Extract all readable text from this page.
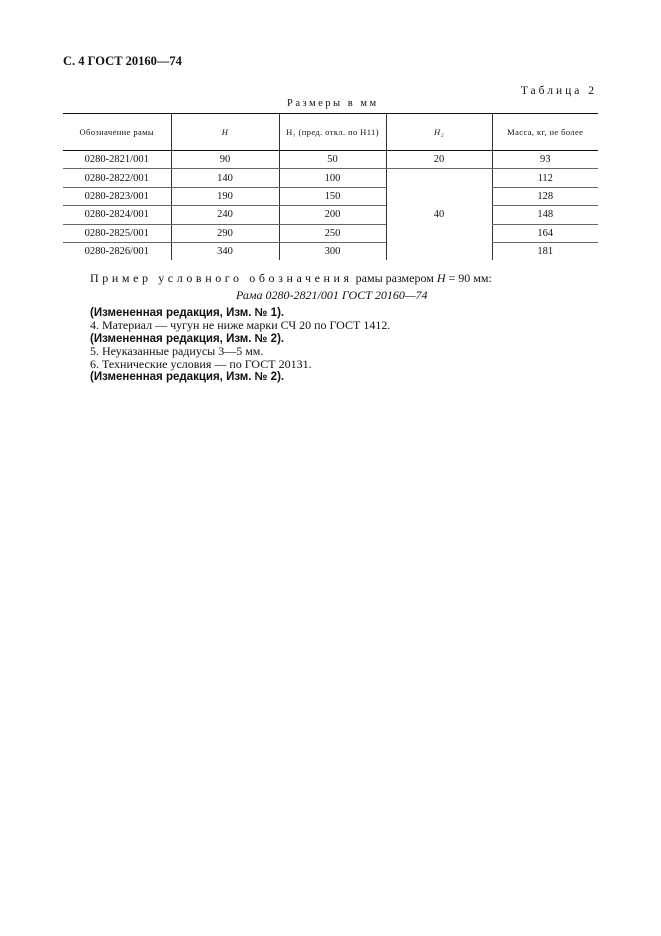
С. 4 ГОСТ 20160—74
Таблица 2
Размеры в мм
Обозначение рамы	H	H₁ (пред. откл. по H11)	H₂	Масса, кг, не более
0280-2821/001	90	50	20	93
0280-2822/001	140	100	40	112
0280-2823/001	190	150		128
0280-2824/001	240	200		148
0280-2825/001	290	250		164
0280-2826/001	340	300		181
Пример условного обозначения рамы размером H = 90 мм:
Рама 0280-2821/001 ГОСТ 20160—74
(Измененная редакция, Изм. № 1).
4. Материал — чугун не ниже марки СЧ 20 по ГОСТ 1412.
(Измененная редакция, Изм. № 2).
5. Неуказанные радиусы 3—5 мм.
6. Технические условия — по ГОСТ 20131.
(Измененная редакция, Изм. № 2).
